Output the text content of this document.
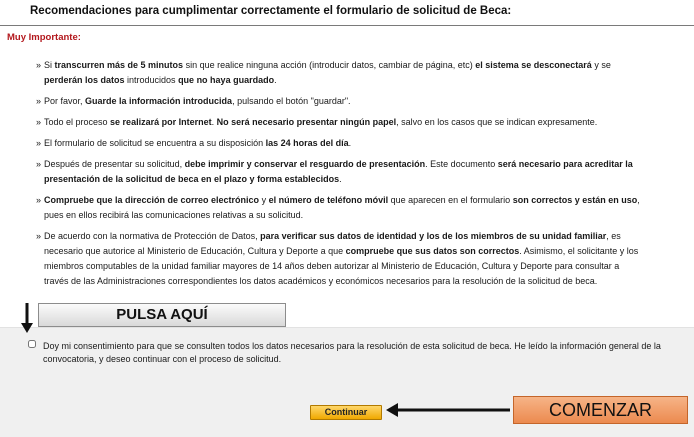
Recomendaciones para cumplimentar correctamente el formulario de solicitud de Beca:
Muy Importante:
» Si transcurren más de 5 minutos sin que realice ninguna acción (introducir datos, cambiar de página, etc) el sistema se desconectará y se perderán los datos introducidos que no haya guardado.
» Por favor, Guarde la información introducida, pulsando el botón "guardar".
» Todo el proceso se realizará por Internet. No será necesario presentar ningún papel, salvo en los casos que se indican expresamente.
» El formulario de solicitud se encuentra a su disposición las 24 horas del día.
» Después de presentar su solicitud, debe imprimir y conservar el resguardo de presentación. Este documento será necesario para acreditar la presentación de la solicitud de beca en el plazo y forma establecidos.
» Compruebe que la dirección de correo electrónico y el número de teléfono móvil que aparecen en el formulario son correctos y están en uso, pues en ellos recibirá las comunicaciones relativas a su solicitud.
» De acuerdo con la normativa de Protección de Datos, para verificar sus datos de identidad y los de los miembros de su unidad familiar, es necesario que autorice al Ministerio de Educación, Cultura y Deporte a que compruebe que sus datos son correctos. Asimismo, el solicitante y los miembros computables de la unidad familiar mayores de 14 años deben autorizar al Ministerio de Educación, Cultura y Deporte para consultar a través de las Administraciones correspondientes los datos académicos y económicos necesarios para la resolución de la solicitud de beca.
Doy mi consentimiento para que se consulten todos los datos necesarios para la resolución de esta solicitud de beca. He leído la información general de la convocatoria, y deseo continuar con el proceso de solicitud.
Continuar
PULSA AQUÍ
COMENZAR
